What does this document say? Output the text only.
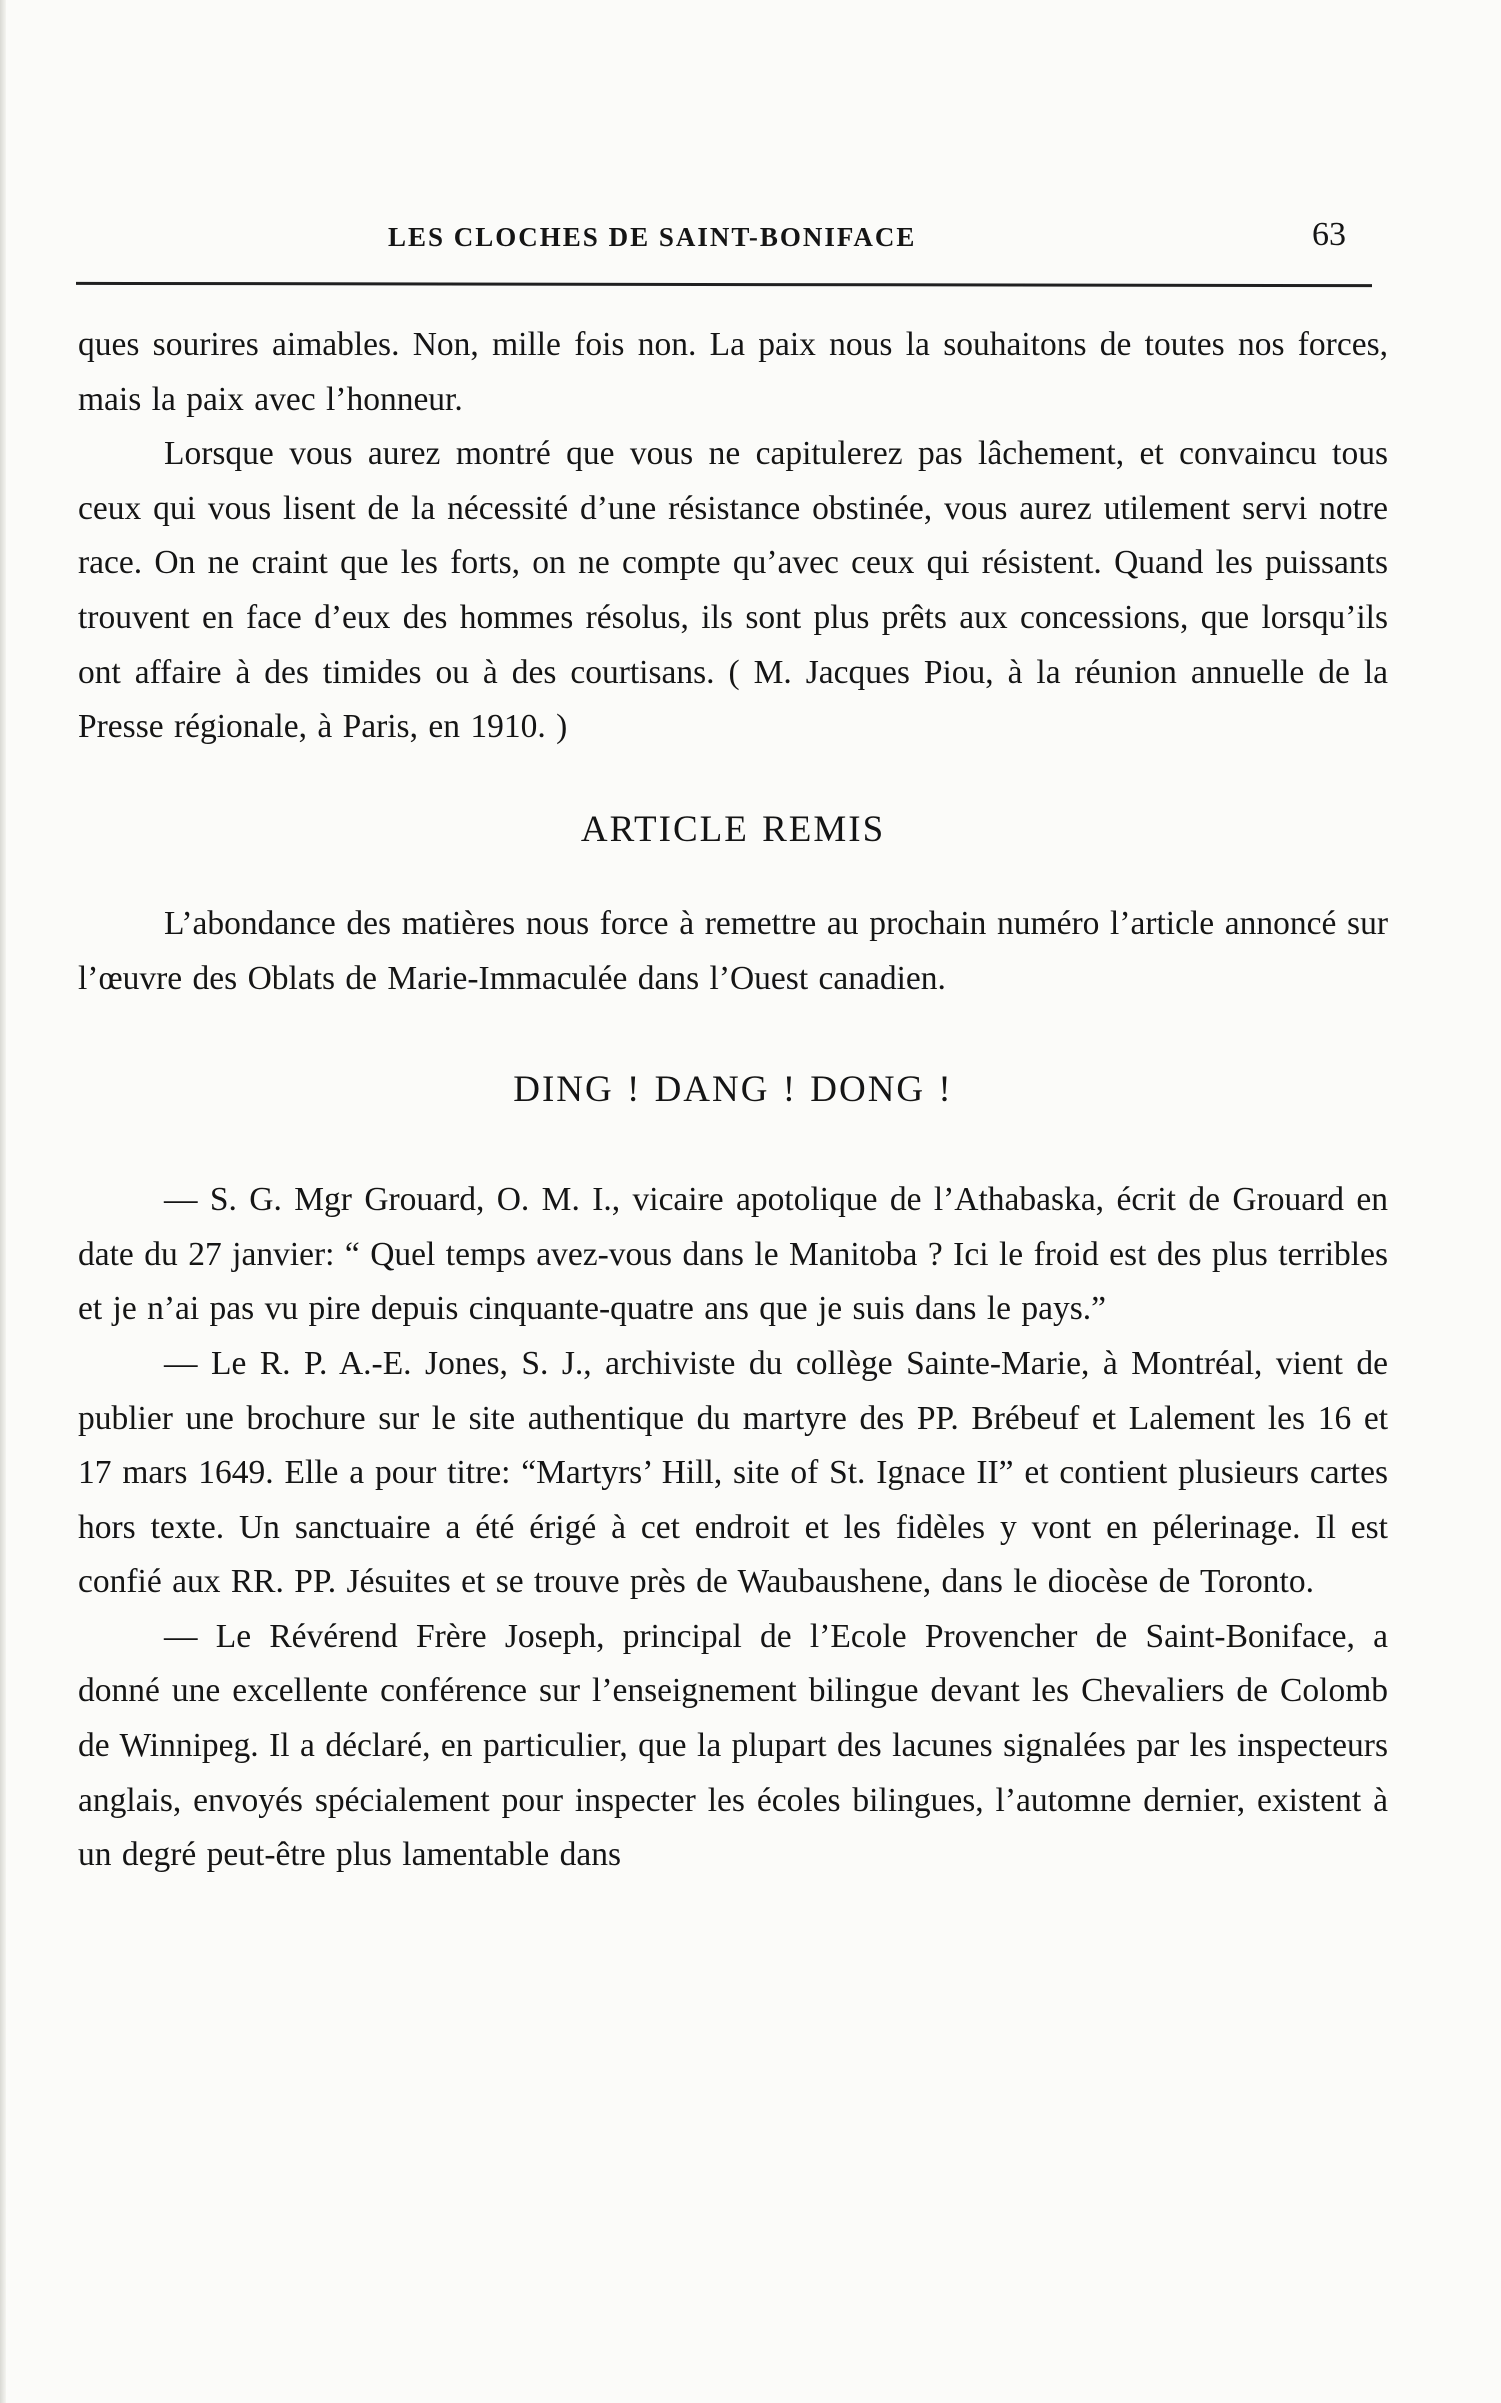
LES CLOCHES DE SAINT-BONIFACE	63

ques sourires aimables. Non, mille fois non. La paix nous la souhaitons de toutes nos forces, mais la paix avec l’honneur.

Lorsque vous aurez montré que vous ne capitulerez pas lâchement, et convaincu tous ceux qui vous lisent de la nécessité d’une résistance obstinée, vous aurez utilement servi notre race. On ne craint que les forts, on ne compte qu’avec ceux qui résistent. Quand les puissants trouvent en face d’eux des hommes résolus, ils sont plus prêts aux concessions, que lorsqu’ils ont affaire à des timides ou à des courtisans. ( M. Jacques Piou, à la réunion annuelle de la Presse régionale, à Paris, en 1910. )

ARTICLE REMIS

L’abondance des matières nous force à remettre au prochain numéro l’article annoncé sur l’œuvre des Oblats de Marie-Immaculée dans l’Ouest canadien.

DING ! DANG ! DONG !

— S. G. Mgr Grouard, O. M. I., vicaire apotolique de l’Athabaska, écrit de Grouard en date du 27 janvier: “ Quel temps avez-vous dans le Manitoba ? Ici le froid est des plus terribles et je n’ai pas vu pire depuis cinquante-quatre ans que je suis dans le pays.”

— Le R. P. A.-E. Jones, S. J., archiviste du collège Sainte-Marie, à Montréal, vient de publier une brochure sur le site authentique du martyre des PP. Brébeuf et Lalement les 16 et 17 mars 1649. Elle a pour titre: “Martyrs’ Hill, site of St. Ignace II” et contient plusieurs cartes hors texte. Un sanctuaire a été érigé à cet endroit et les fidèles y vont en pélerinage. Il est confié aux RR. PP. Jésuites et se trouve près de Waubaushene, dans le diocèse de Toronto.

— Le Révérend Frère Joseph, principal de l’Ecole Provencher de Saint-Boniface, a donné une excellente conférence sur l’enseignement bilingue devant les Chevaliers de Colomb de Winnipeg. Il a déclaré, en particulier, que la plupart des lacunes signalées par les inspecteurs anglais, envoyés spécialement pour inspecter les écoles bilingues, l’automne dernier, existent à un degré peut-être plus lamentable dans
